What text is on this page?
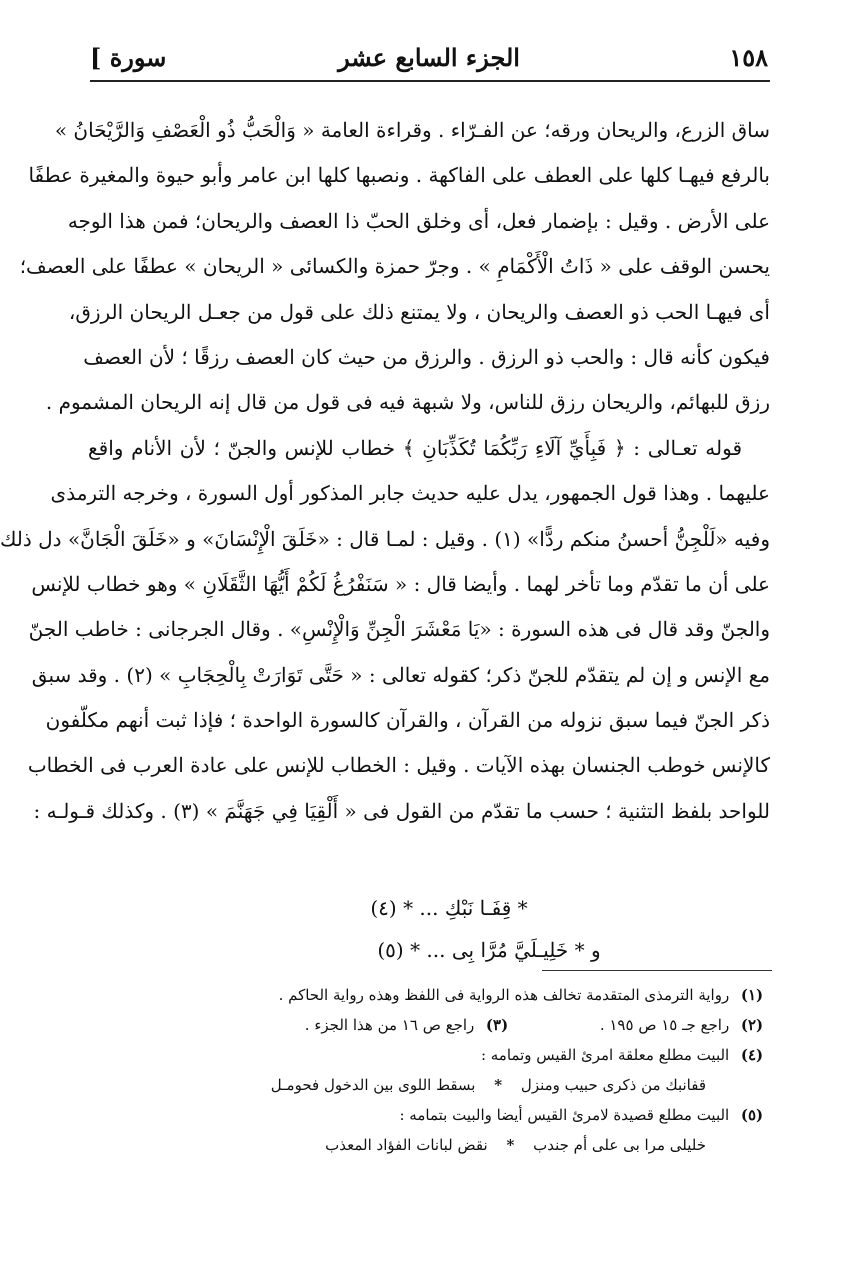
١٥٨
الجزء السابع عشر
سورة ]
ساق الزرع، والريحان ورقه؛ عن الفـرّاء . وقراءة العامة « وَالْحَبُّ ذُو الْعَصْفِ وَالرَّيْحَانُ »
بالرفع فيهـا كلها على العطف على الفاكهة . ونصبها كلها ابن عامر وأبو حيوة والمغيرة عطفًا
على الأرض . وقيل : بإضمار فعل، أى وخلق الحبّ ذا العصف والريحان؛ فمن هذا الوجه
يحسن الوقف على « ذَاتُ الْأَكْمَامِ » . وجرّ حمزة والكسائى « الريحان » عطفًا على العصف؛
أى فيهـا الحب ذو العصف والريحان ، ولا يمتنع ذلك على قول من جعـل الريحان الرزق،
فيكون كأنه قال : والحب ذو الرزق . والرزق من حيث كان العصف رزقًا ؛ لأن العصف
رزق للبهائم، والريحان رزق للناس، ولا شبهة فيه فى قول من قال إنه الريحان المشموم .
قوله تعـالى : ﴿ فَبِأَيِّ آلَاءِ رَبِّكُمَا تُكَذِّبَانِ ﴾ خطاب للإنس والجنّ ؛ لأن الأنام واقع
عليهما . وهذا قول الجمهور، يدل عليه حديث جابر المذكور أول السورة ، وخرجه الترمذى
وفيه «لَلْجِنُّ أحسنُ منكم ردًّا» (١) . وقيل : لمـا قال : «خَلَقَ الْإِنْسَانَ» و «خَلَقَ الْجَانَّ» دل ذلك
على أن ما تقدّم وما تأخر لهما . وأيضا قال : « سَنَفْرُغُ لَكُمْ أَيُّهَا الثَّقَلَانِ » وهو خطاب للإنس
والجنّ وقد قال فى هذه السورة : «يَا مَعْشَرَ الْجِنِّ وَالْإِنْسِ» . وقال الجرجانى : خاطب الجنّ
مع الإنس و إن لم يتقدّم للجنّ ذكر؛ كقوله تعالى : « حَتَّى تَوَارَتْ بِالْحِجَابِ » (٢) . وقد سبق
ذكر الجنّ فيما سبق نزوله من القرآن ، والقرآن كالسورة الواحدة ؛ فإذا ثبت أنهم مكلّفون
كالإنس خوطب الجنسان بهذه الآيات . وقيل : الخطاب للإنس على عادة العرب فى الخطاب
للواحد بلفظ التثنية ؛ حسب ما تقدّم من القول فى « أَلْقِيَا فِي جَهَنَّمَ » (٣) . وكذلك قـولـه :
* قِفَـا نَبْكِ ... * (٤)
و * خَلِيـلَيَّ مُرَّا بِى ... * (٥)
(١) رواية الترمذى المتقدمة تخالف هذه الرواية فى اللفظ وهذه رواية الحاكم .
(٢) راجع جـ ١٥ ص ١٩٥ . (٣) راجع ص ١٦ من هذا الجزء .
(٤) البيت مطلع معلقة امرئ القيس وتمامه :
قفانبك من ذكرى حبيب ومنزل * بسقط اللوى بين الدخول فحومـل
(٥) البيت مطلع قصيدة لامرئ القيس أيضا والبيت بتمامه :
خليلى مرا بى على أم جندب * نقض لبانات الفؤاد المعذب
